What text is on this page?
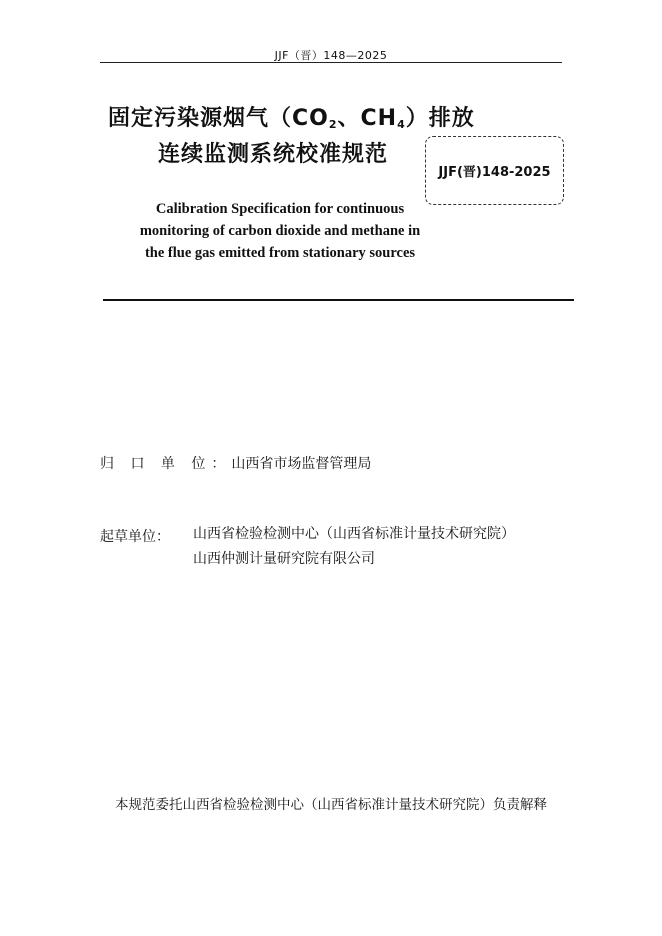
JJF（晋）148—2025
固定污染源烟气（$CO_2$、$CH_4$）排放
连续监测系统校准规范
JJF(晋)148-2025
Calibration Specification for continuous
monitoring of carbon dioxide and methane in
the flue gas emitted from stationary sources
归 口 单 位：山西省市场监督管理局
起草单位： 山西省检验检测中心（山西省标准计量技术研究院）
山西仲测计量研究院有限公司
本规范委托山西省检验检测中心（山西省标准计量技术研究院）负责解释
